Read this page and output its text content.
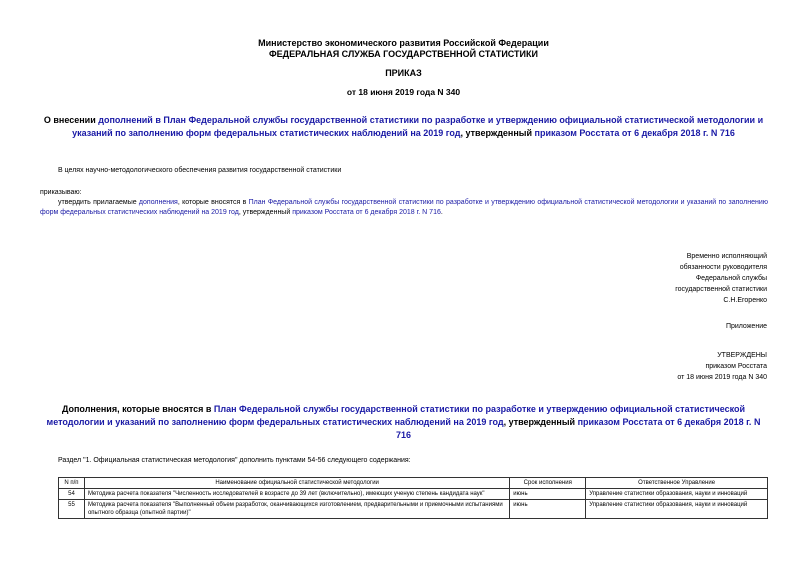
Министерство экономического развития Российской Федерации
ФЕДЕРАЛЬНАЯ СЛУЖБА ГОСУДАРСТВЕННОЙ СТАТИСТИКИ
ПРИКАЗ
от 18 июня 2019 года N 340
О внесении дополнений в План Федеральной службы государственной статистики по разработке и утверждению официальной статистической методологии и указаний по заполнению форм федеральных статистических наблюдений на 2019 год, утвержденный приказом Росстата от 6 декабря 2018 г. N 716
В целях научно-методологического обеспечения развития государственной статистики
приказываю:
утвердить прилагаемые дополнения, которые вносятся в План Федеральной службы государственной статистики по разработке и утверждению официальной статистической методологии и указаний по заполнению форм федеральных статистических наблюдений на 2019 год, утвержденный приказом Росстата от 6 декабря 2018 г. N 716.
Временно исполняющий
обязанности руководителя
Федеральной службы
государственной статистики
С.Н.Егоренко
Приложение
УТВЕРЖДЕНЫ
приказом Росстата
от 18 июня 2019 года N 340
Дополнения, которые вносятся в План Федеральной службы государственной статистики по разработке и утверждению официальной статистической методологии и указаний по заполнению форм федеральных статистических наблюдений на 2019 год, утвержденный приказом Росстата от 6 декабря 2018 г. N 716
Раздел "1. Официальная статистическая методология" дополнить пунктами 54-56 следующего содержания:
N п/п	Наименование официальной статистической методологии	Срок исполнения	Ответственное Управление
54	Методика расчета показателя "Численность исследователей в возрасте до 39 лет (включительно), имеющих ученую степень кандидата наук"	июнь	Управление статистики образования, науки и инноваций
55	Методика расчета показателя "Выполненный объем разработок, оканчивающихся изготовлением, предварительными и приемочными испытаниями опытного образца (опытной партии)"	июнь	Управление статистики образования, науки и инноваций
